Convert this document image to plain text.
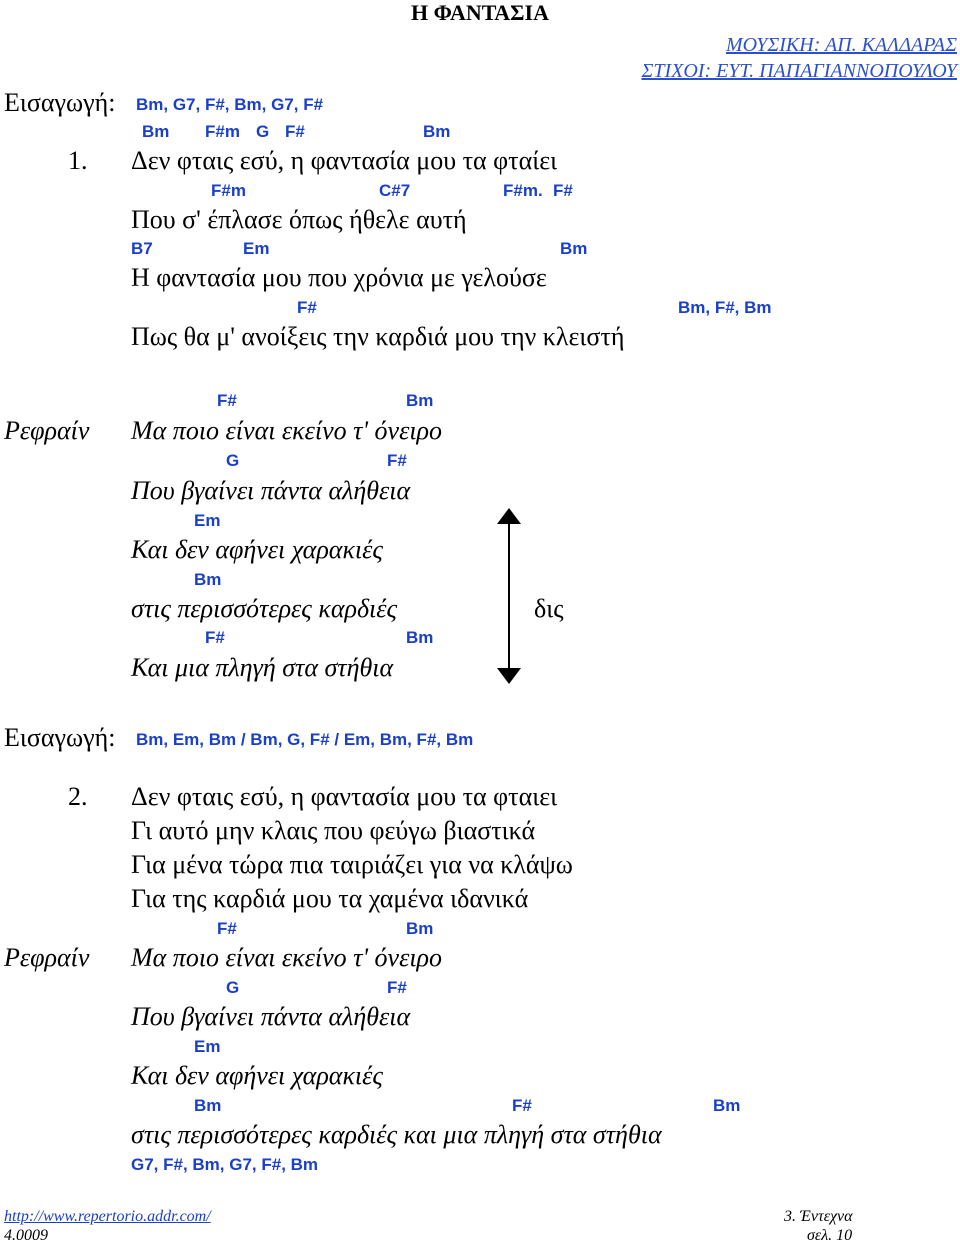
Η ΦΑΝΤΑΣΙΑ
ΜΟΥΣΙΚΗ: ΑΠ. ΚΑΛΔΑΡΑΣ
ΣΤΙΧΟΙ: ΕΥΤ. ΠΑΠΑΓΙΑΝΝΟΠΟΥΛΟΥ
Εισαγωγή: Bm, G7, F#, Bm, G7, F#
Bm F#m G F#	Bm
1. Δεν φταις εσύ, η φαντασία μου τα φταίει
F#m	C#7	F#m. F#
Που σ' έπλασε όπως ήθελε αυτή
B7	Em	Bm
Η φαντασία μου που χρόνια με γελούσε
F#	Bm, F#, Bm
Πως θα μ' ανοίξεις την καρδιά μου την κλειστή
F#	Bm
Ρεφραίν Μα ποιο είναι εκείνο τ' όνειρο
G	F#
Που βγαίνει πάντα αλήθεια
Em
Και δεν αφήνει χαρακιές
Bm
στις περισσότερες καρδιές
F#	Bm
Και μια πληγή στα στήθια
δις
Εισαγωγή: Bm, Em, Bm / Bm, G, F# / Em, Bm, F#, Bm
2. Δεν φταις εσύ, η φαντασία μου τα φταιει
Γι αυτό μην κλαις που φεύγω βιαστικά
Για μένα τώρα πια ταιριάζει για να κλάψω
Για της καρδιά μου τα χαμένα ιδανικά
F#	Bm
Ρεφραίν Μα ποιο είναι εκείνο τ' όνειρο
G	F#
Που βγαίνει πάντα αλήθεια
Em
Και δεν αφήνει χαρακιές
Bm	F#	Bm
στις περισσότερες καρδιές και μια πληγή στα στήθια
G7, F#, Bm, G7, F#, Bm
http://www.repertorio.addr.com/
4.0009
3. Έντεχνα
σελ. 10
